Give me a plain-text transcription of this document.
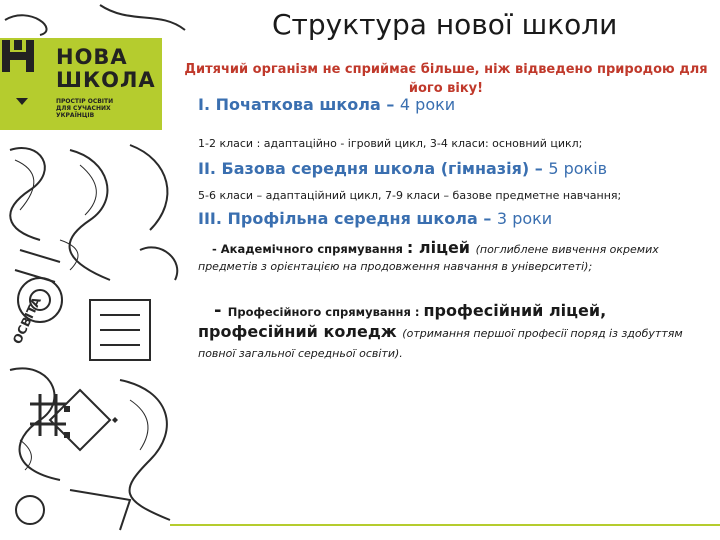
ОСВІТА
НОВА
ШКОЛА
ПРОСТІР ОСВІТИ
ДЛЯ СУЧАСНИХ
УКРАЇНЦІВ
Структура нової школи
Дитячий організм не сприймає більше, ніж відведено природою для його віку!
І. Початкова школа – 4 роки
1-2 класи : адаптаційно - ігровий цикл, 3-4 класи: основний цикл;
ІІ. Базова середня школа (гімназія) – 5 років
5-6 класи – адаптаційний цикл, 7-9 класи – базове предметне навчання;
ІІІ. Профільна середня школа – 3 роки
- Академічного спрямування : ліцей (поглиблене вивчення окремих предметів з орієнтацією на продовження навчання в університеті);
- Професійного спрямування : професійний ліцей, професійний коледж (отримання першої професії поряд із здобуттям повної загальної середньої освіти).
